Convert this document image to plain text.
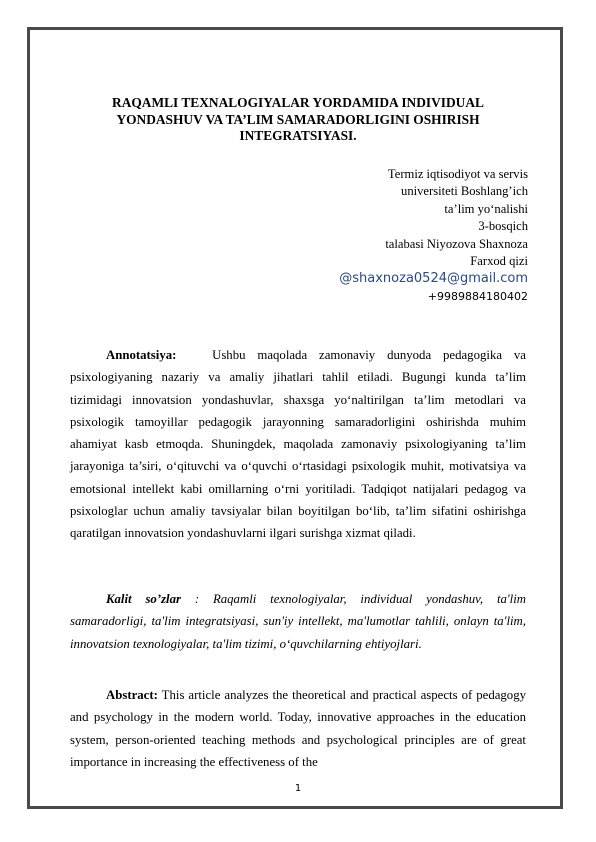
RAQAMLI TEXNALOGIYALAR YORDAMIDA INDIVIDUAL YONDASHUV VA TA’LIM SAMARADORLIGINI OSHIRISH INTEGRATSIYASI.
Termiz iqtisodiyot va servis
universiteti Boshlang’ich
ta’lim yo‘nalishi
3-bosqich
talabasi Niyozova Shaxnoza
Farxod qizi
@shaxnoza0524@gmail.com
+9989884180402

Annotatsiya:	Ushbu maqolada zamonaviy dunyoda pedagogika va psixologiyaning nazariy va amaliy jihatlari tahlil etiladi. Bugungi kunda ta’lim tizimidagi innovatsion yondashuvlar, shaxsga yo‘naltirilgan ta’lim metodlari va psixologik tamoyillar pedagogik jarayonning samaradorligini oshirishda muhim ahamiyat kasb etmoqda. Shuningdek, maqolada zamonaviy psixologiyaning ta’lim jarayoniga ta’siri, o‘qituvchi va o‘quvchi o‘rtasidagi psixologik muhit, motivatsiya va emotsional intellekt kabi omillarning o‘rni yoritiladi. Tadqiqot natijalari pedagog va psixologlar uchun amaliy tavsiyalar bilan boyitilgan bo‘lib, ta’lim sifatini oshirishga qaratilgan innovatsion yondashuvlarni ilgari surishga xizmat qiladi.

Kalit so’zlar : Raqamli texnologiyalar, individual yondashuv, ta'lim samaradorligi, ta'lim integratsiyasi, sun'iy intellekt, ma'lumotlar tahlili, onlayn ta'lim, innovatsion texnologiyalar, ta'lim tizimi, o‘quvchilarning ehtiyojlari.

Abstract: This article analyzes the theoretical and practical aspects of pedagogy and psychology in the modern world. Today, innovative approaches in the education system, person-oriented teaching methods and psychological principles are of great importance in increasing the effectiveness of the

1
